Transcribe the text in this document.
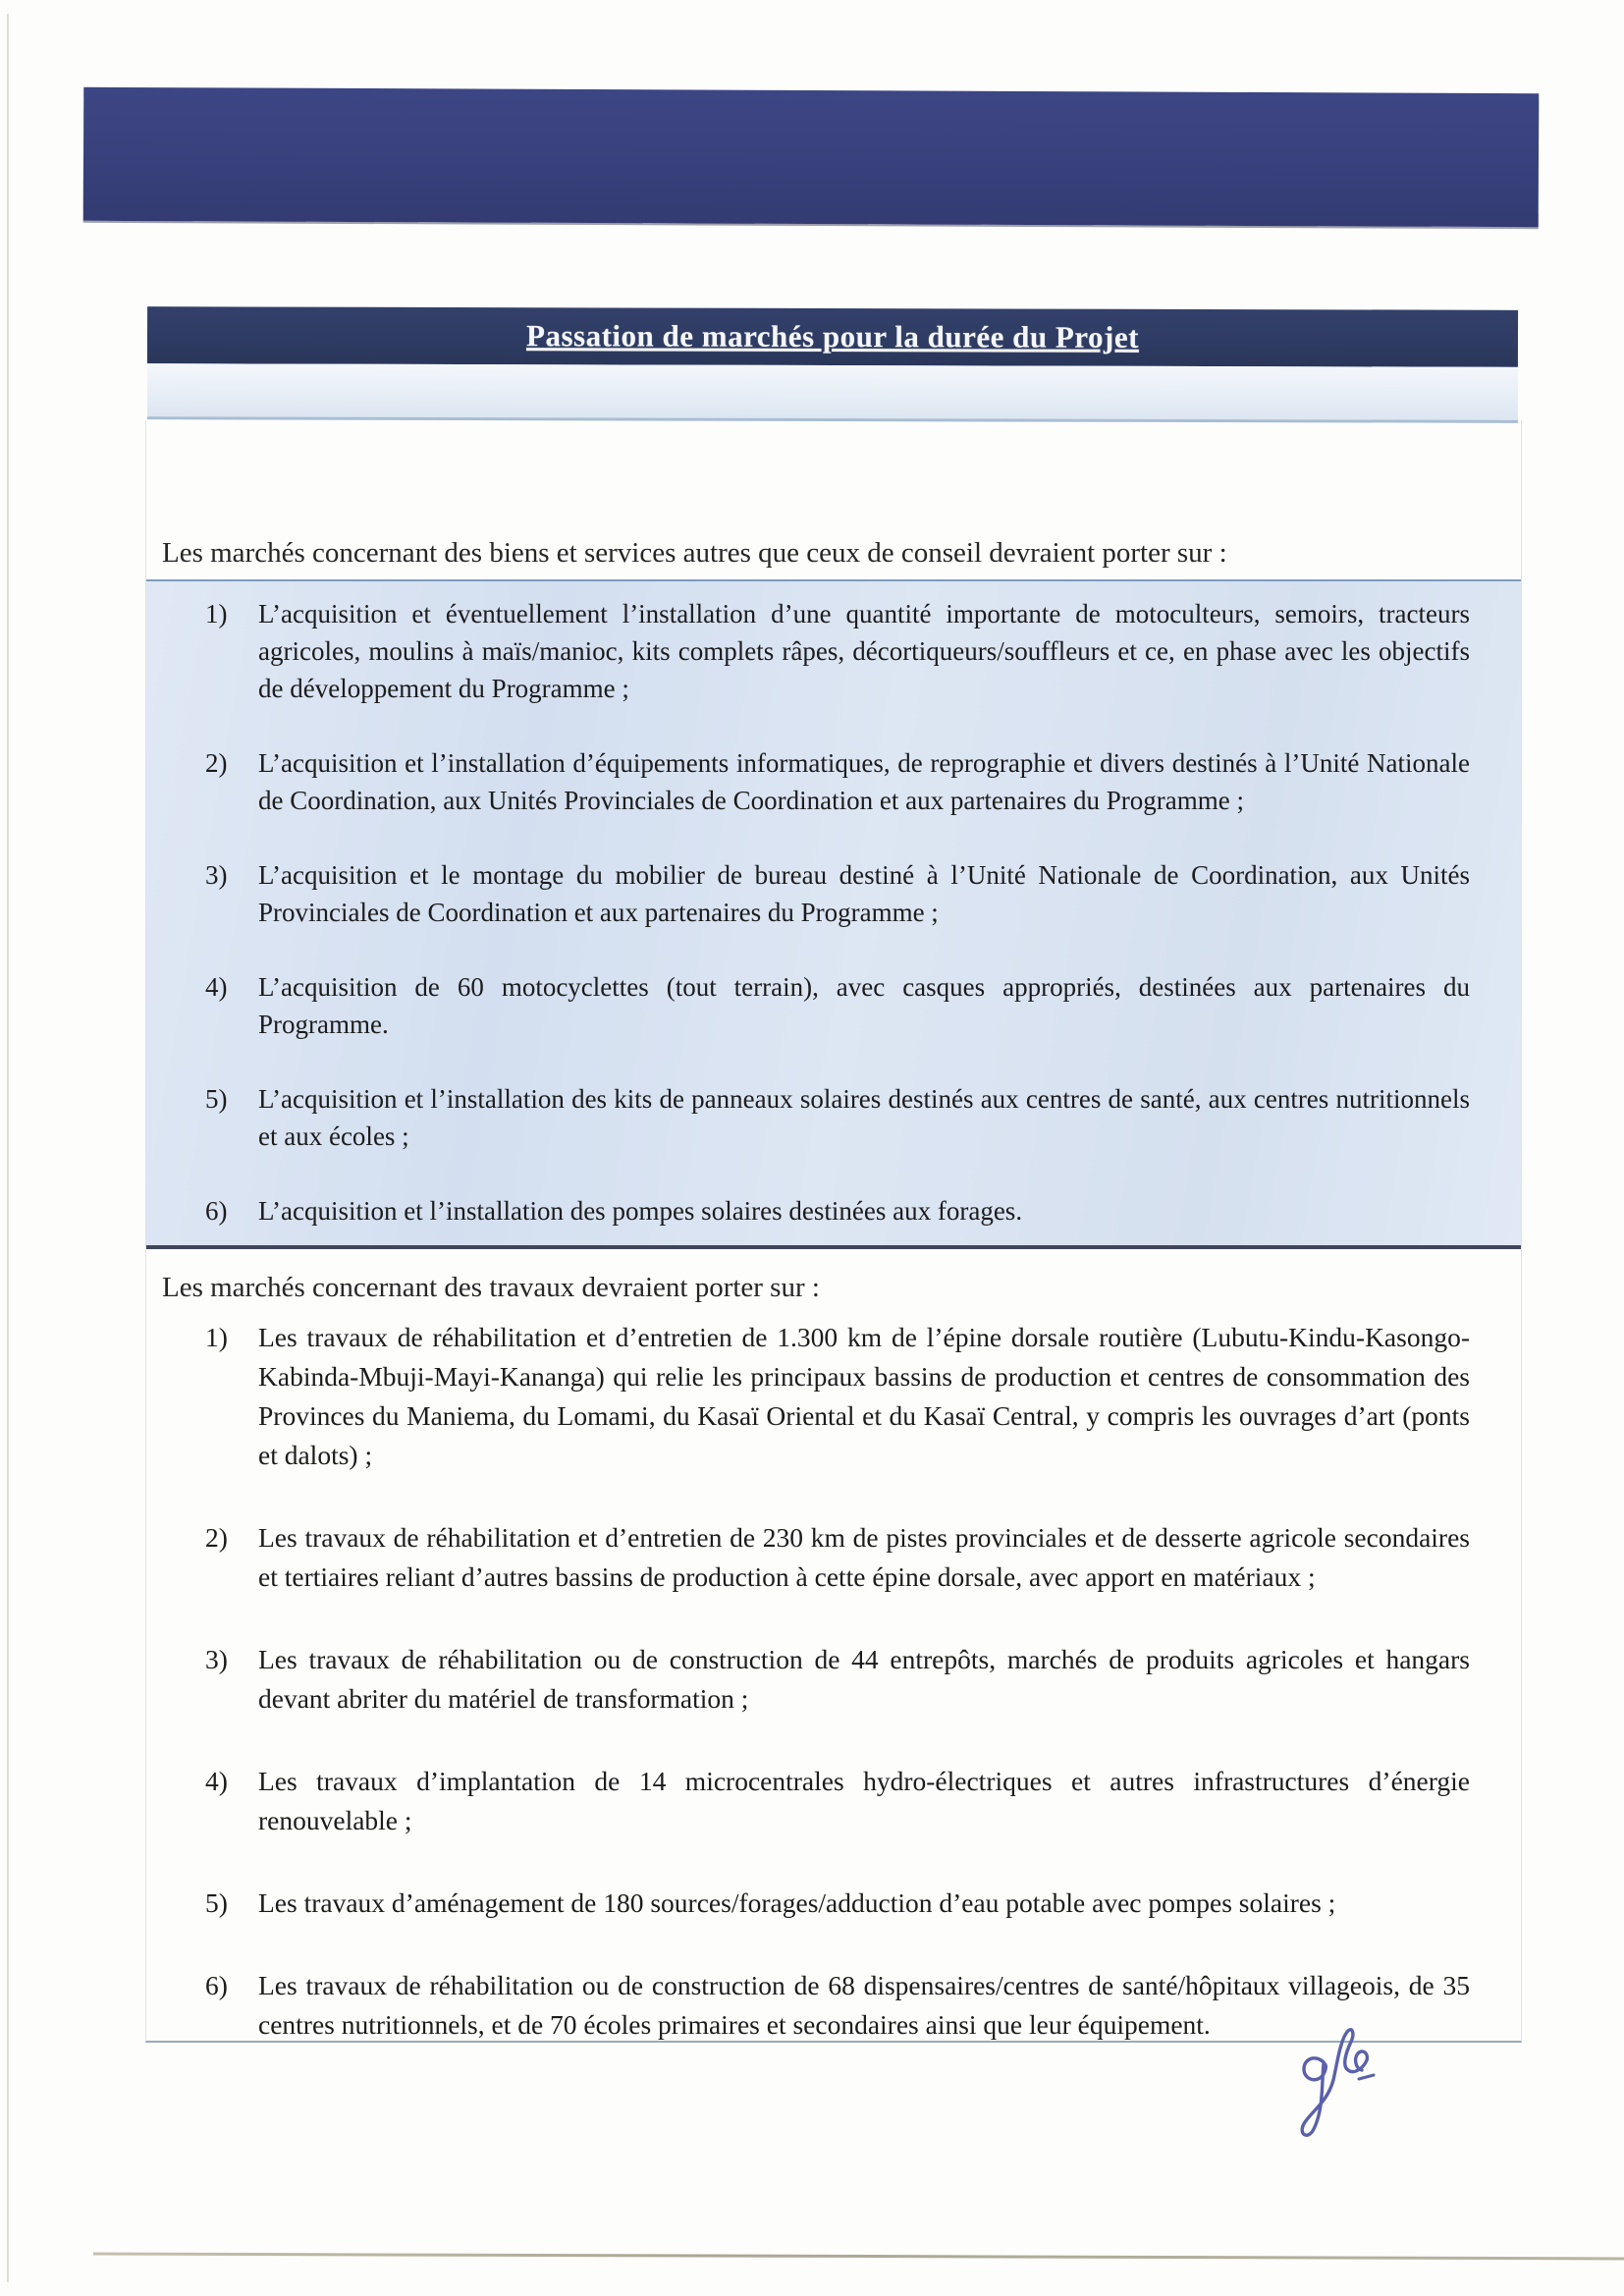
Passation de marchés pour la durée du Projet
Les marchés concernant des biens et services autres que ceux de conseil devraient porter sur :
1)	L’acquisition et éventuellement l’installation d’une quantité importante de motoculteurs, semoirs, tracteurs agricoles, moulins à maïs/manioc, kits complets râpes, décortiqueurs/souffleurs et ce, en phase avec les objectifs de développement du Programme ;
2)	L’acquisition et l’installation d’équipements informatiques, de reprographie et divers destinés à l’Unité Nationale de Coordination, aux Unités Provinciales de Coordination et aux partenaires du Programme ;
3)	L’acquisition et le montage du mobilier de bureau destiné à l’Unité Nationale de Coordination, aux Unités Provinciales de Coordination et aux partenaires du Programme ;
4)	L’acquisition de 60 motocyclettes (tout terrain), avec casques appropriés, destinées aux partenaires du Programme.
5)	L’acquisition et l’installation des kits de panneaux solaires destinés aux centres de santé, aux centres nutritionnels et aux écoles ;
6)	L’acquisition et l’installation des pompes solaires destinées aux forages.
Les marchés concernant des travaux devraient porter sur :
1)	Les travaux de réhabilitation et d’entretien de 1.300 km de l’épine dorsale routière (Lubutu-Kindu-Kasongo-Kabinda-Mbuji-Mayi-Kananga) qui relie les principaux bassins de production et centres de consommation des Provinces du Maniema, du Lomami, du Kasaï Oriental et du Kasaï Central, y compris les ouvrages d’art (ponts et dalots) ;
2)	Les travaux de réhabilitation et d’entretien de 230 km de pistes provinciales et de desserte agricole secondaires et tertiaires reliant d’autres bassins de production à cette épine dorsale, avec apport en matériaux ;
3)	Les travaux de réhabilitation ou de construction de 44 entrepôts, marchés de produits agricoles et hangars devant abriter du matériel de transformation ;
4)	Les travaux d’implantation de 14 microcentrales hydro-électriques et autres infrastructures d’énergie renouvelable ;
5)	Les travaux d’aménagement de 180 sources/forages/adduction d’eau potable avec pompes solaires ;
6)	Les travaux de réhabilitation ou de construction de 68 dispensaires/centres de santé/hôpitaux villageois, de 35 centres nutritionnels, et de 70 écoles primaires et secondaires ainsi que leur équipement.
